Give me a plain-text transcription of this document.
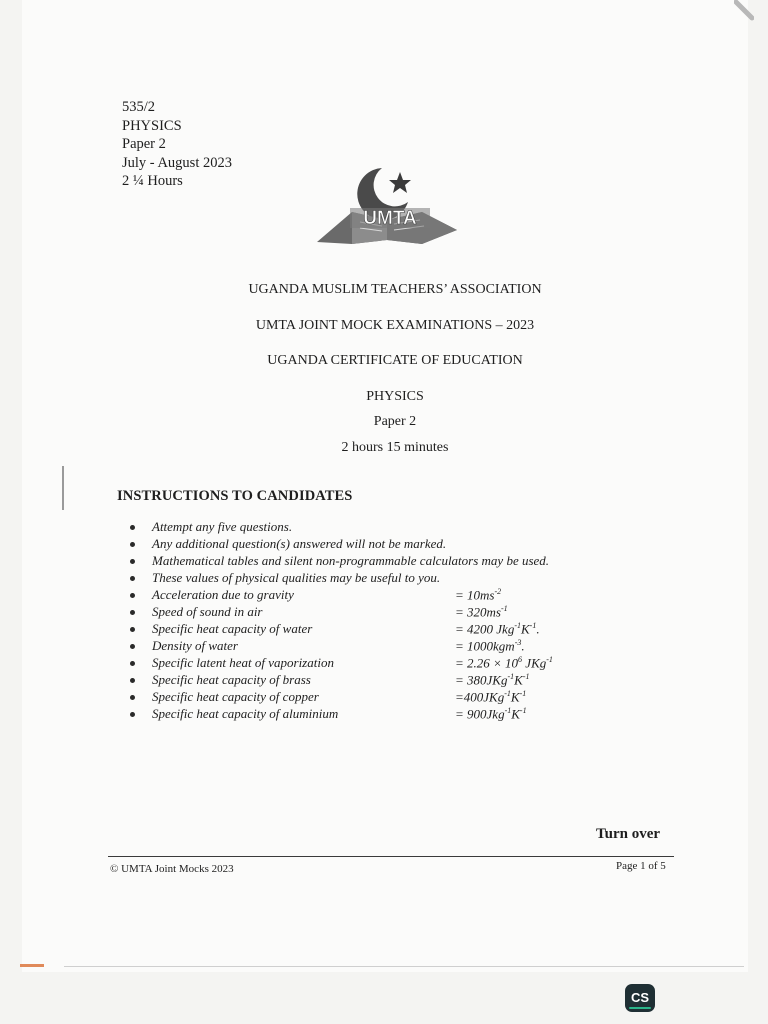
535/2
PHYSICS
Paper 2
July - August 2023
2 ¼ Hours
UMTA
UGANDA MUSLIM TEACHERS’ ASSOCIATION
UMTA JOINT MOCK EXAMINATIONS – 2023
UGANDA CERTIFICATE OF EDUCATION
PHYSICS
Paper 2
2 hours 15 minutes
INSTRUCTIONS TO CANDIDATES
Attempt any five questions.
Any additional question(s) answered will not be marked.
Mathematical tables and silent non-programmable calculators may be used.
These values of physical qualities may be useful to you.
Acceleration due to gravity	= $10ms^{-2}$
Speed of sound in air	= $320ms^{-1}$
Specific heat capacity of water	= 4200 $Jkg^{-1}K^{-1}$.
Density of water	= 1000kgm$^{-3}$.
Specific latent heat of vaporization	= $2.26 \times 10^6$ JKg$^{-1}$
Specific heat capacity of brass	= $380JKg^{-1}K^{-1}$
Specific heat capacity of copper	$=400JKg^{-1}K^{-1}$
Specific heat capacity of aluminium	= $900Jkg^{-1}K^{-1}$
Turn over
© UMTA Joint Mocks 2023	Page 1 of 5
CS
